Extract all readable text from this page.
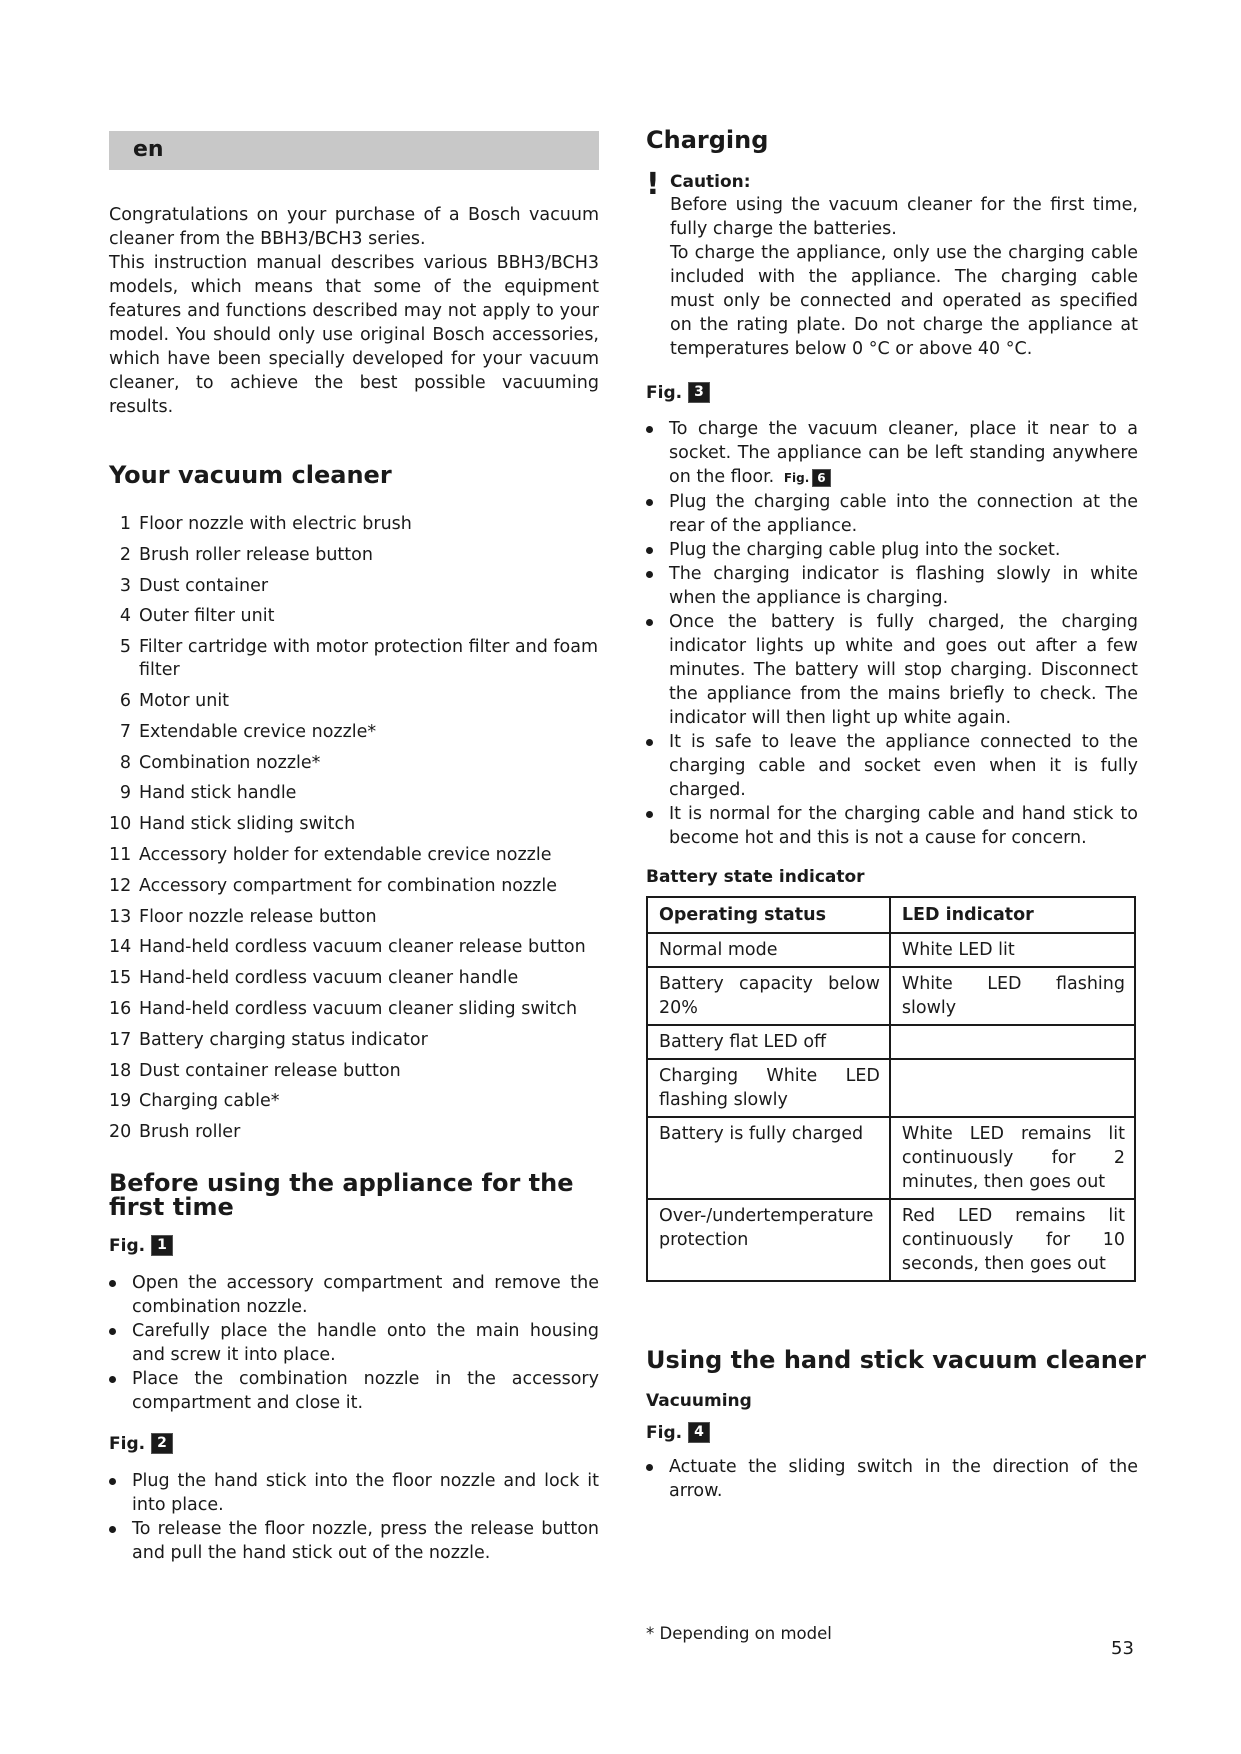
en
Congratulations on your purchase of a Bosch vacuum cleaner from the BBH3/BCH3 series.
This instruction manual describes various BBH3/BCH3 models, which means that some of the equipment features and functions described may not apply to your model. You should only use original Bosch accessories, which have been specially developed for your vacuum cleaner, to achieve the best possible vacuuming results.
Your vacuum cleaner
1 Floor nozzle with electric brush
2 Brush roller release button
3 Dust container
4 Outer filter unit
5 Filter cartridge with motor protection filter and foam filter
6 Motor unit
7 Extendable crevice nozzle*
8 Combination nozzle*
9 Hand stick handle
10 Hand stick sliding switch
11 Accessory holder for extendable crevice nozzle
12 Accessory compartment for combination nozzle
13 Floor nozzle release button
14 Hand-held cordless vacuum cleaner release button
15 Hand-held cordless vacuum cleaner handle
16 Hand-held cordless vacuum cleaner sliding switch
17 Battery charging status indicator
18 Dust container release button
19 Charging cable*
20 Brush roller
Before using the appliance for the first time
Fig. 1
Open the accessory compartment and remove the combination nozzle.
Carefully place the handle onto the main housing and screw it into place.
Place the combination nozzle in the accessory compartment and close it.
Fig. 2
Plug the hand stick into the floor nozzle and lock it into place.
To release the floor nozzle, press the release button and pull the hand stick out of the nozzle.
Charging
! Caution:
Before using the vacuum cleaner for the first time, fully charge the batteries.
To charge the appliance, only use the charging cable included with the appliance. The charging cable must only be connected and operated as specified on the rating plate. Do not charge the appliance at temperatures below 0 °C or above 40 °C.
Fig. 3
To charge the vacuum cleaner, place it near to a socket. The appliance can be left standing anywhere on the floor. Fig. 6
Plug the charging cable into the connection at the rear of the appliance.
Plug the charging cable plug into the socket.
The charging indicator is flashing slowly in white when the appliance is charging.
Once the battery is fully charged, the charging indicator lights up white and goes out after a few minutes. The battery will stop charging. Disconnect the appliance from the mains briefly to check. The indicator will then light up white again.
It is safe to leave the appliance connected to the charging cable and socket even when it is fully charged.
It is normal for the charging cable and hand stick to become hot and this is not a cause for concern.
Battery state indicator
Operating status	LED indicator
Normal mode	White LED lit
Battery capacity below 20%	White LED flashing slowly
Battery flat LED off	
Charging White LED flashing slowly	
Battery is fully charged	White LED remains lit continuously for 2 minutes, then goes out
Over-/undertemperature protection	Red LED remains lit continuously for 10 seconds, then goes out
Using the hand stick vacuum cleaner
Vacuuming
Fig. 4
Actuate the sliding switch in the direction of the arrow.
* Depending on model
53
